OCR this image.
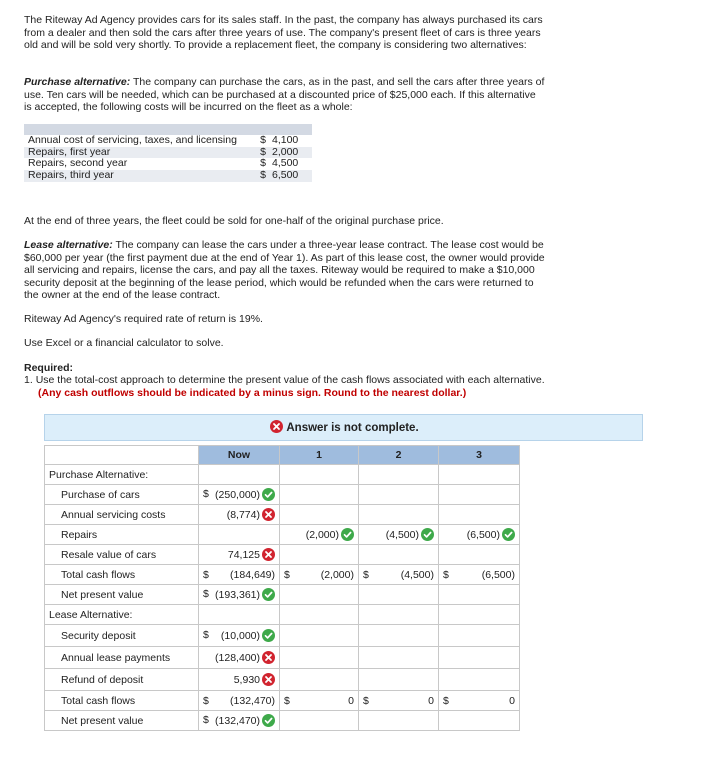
The Riteway Ad Agency provides cars for its sales staff. In the past, the company has always purchased its cars from a dealer and then sold the cars after three years of use. The company's present fleet of cars is three years old and will be sold very shortly. To provide a replacement fleet, the company is considering two alternatives:

Purchase alternative: The company can purchase the cars, as in the past, and sell the cars after three years of use. Ten cars will be needed, which can be purchased at a discounted price of $25,000 each. If this alternative is accepted, the following costs will be incurred on the fleet as a whole:

Annual cost of servicing, taxes, and licensing	$	4,100
Repairs, first year	$	2,000
Repairs, second year	$	4,500
Repairs, third year	$	6,500

At the end of three years, the fleet could be sold for one-half of the original purchase price.

Lease alternative: The company can lease the cars under a three-year lease contract. The lease cost would be $60,000 per year (the first payment due at the end of Year 1). As part of this lease cost, the owner would provide all servicing and repairs, license the cars, and pay all the taxes. Riteway would be required to make a $10,000 security deposit at the beginning of the lease period, which would be refunded when the cars were returned to the owner at the end of the lease contract.

Riteway Ad Agency's required rate of return is 19%.

Use Excel or a financial calculator to solve.

Required:

1. Use the total-cost approach to determine the present value of the cash flows associated with each alternative. (Any cash outflows should be indicated by a minus sign. Round to the nearest dollar.)

Answer is not complete.
	Now	1	2	3
Purchase Alternative:				
Purchase of cars	$ (250,000)

Annual servicing costs	(8,774)

Repairs		(2,000)	(4,500)	(6,500)

Resale value of cars	74,125

Total cash flows	$ (184,649)	$ (2,000)	$ (4,500)	$ (6,500)
Net present value	$ (193,361)

Lease Alternative:				
Security deposit	$ (10,000)

Annual lease payments	(128,400)

Refund of deposit	5,930

Total cash flows	$ (132,470)	$ 0	$ 0	$ 0
Net present value	$ (132,470)
